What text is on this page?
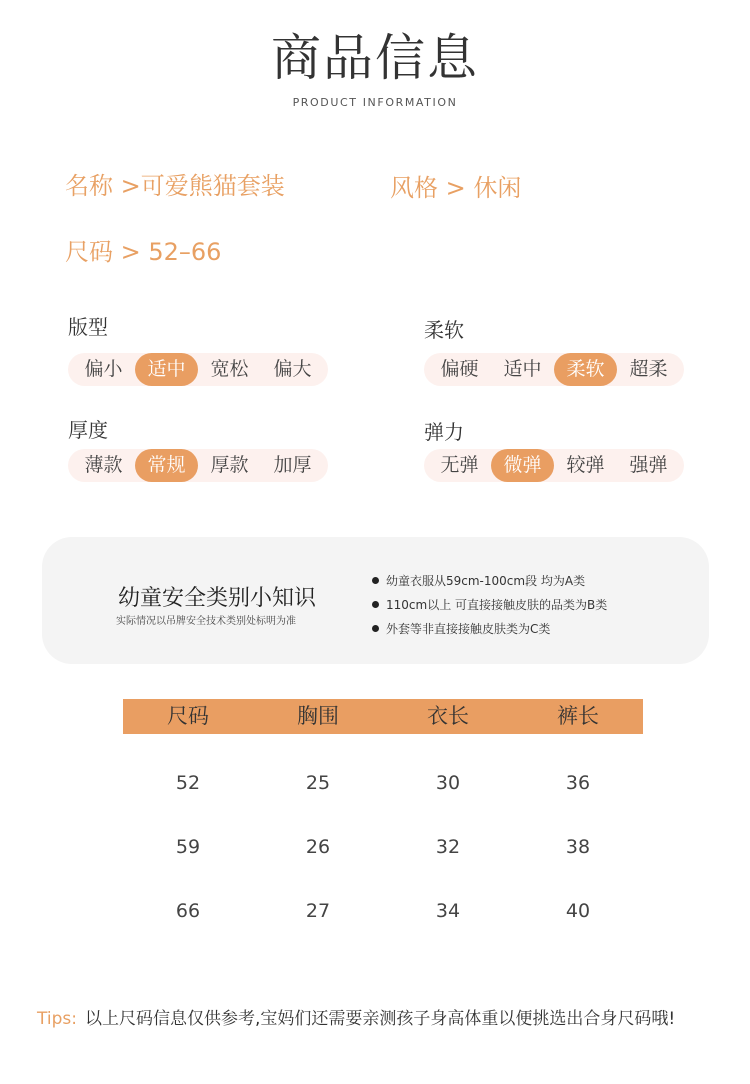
商品信息
PRODUCT INFORMATION
名称 >可爱熊猫套装	风格 > 休闲
尺码 > 52–66
版型
偏小	适中	宽松	偏大
柔软
偏硬	适中	柔软	超柔
厚度
薄款	常规	厚款	加厚
弹力
无弹	微弹	较弹	强弹
幼童安全类别小知识
实际情况以吊牌安全技术类别处标明为准
幼童衣服从59cm-100cm段 均为A类
110cm以上 可直接接触皮肤的品类为B类
外套等非直接接触皮肤类为C类
尺码	胸围	衣长	裤长
52	25	30	36
59	26	32	38
66	27	34	40
Tips: 以上尺码信息仅供参考,宝妈们还需要亲测孩子身高体重以便挑选出合身尺码哦!
